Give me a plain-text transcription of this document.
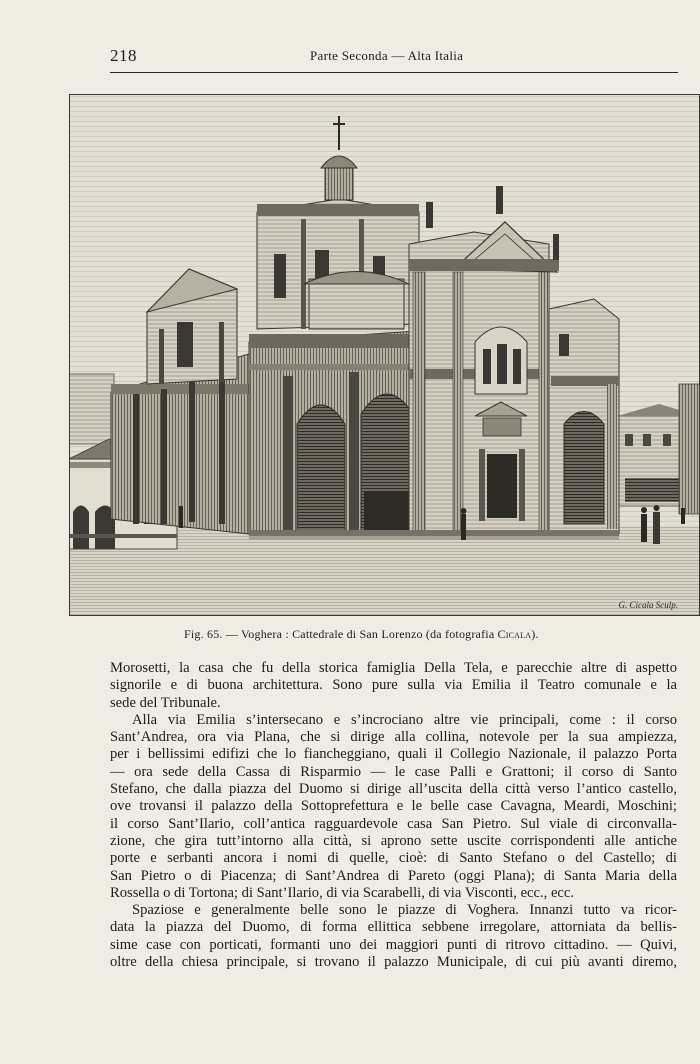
218	Parte Seconda — Alta Italia
G. Cicala Sculp.
Fig. 65. — Voghera : Cattedrale di San Lorenzo (da fotografia Cicala).
Morosetti, la casa che fu della storica famiglia Della Tela, e parecchie altre di aspetto
signorile e di buona architettura. Sono pure sulla via Emilia il Teatro comunale e la
sede del Tribunale.
Alla via Emilia s’intersecano e s’incrociano altre vie principali, come : il corso
Sant’Andrea, ora via Plana, che si dirige alla collina, notevole per la sua ampiezza,
per i bellissimi edifizi che lo fiancheggiano, quali il Collegio Nazionale, il palazzo Porta
— ora sede della Cassa di Risparmio — le case Palli e Grattoni; il corso di Santo
Stefano, che dalla piazza del Duomo si dirige all’uscita della città verso l’antico castello,
ove trovansi il palazzo della Sottoprefettura e le belle case Cavagna, Meardi, Moschini;
il corso Sant’Ilario, coll’antica ragguardevole casa San Pietro. Sul viale di circonvalla-
zione, che gira tutt’intorno alla città, si aprono sette uscite corrispondenti alle antiche
porte e serbanti ancora i nomi di quelle, cioè: di Santo Stefano o del Castello; di
San Pietro o di Piacenza; di Sant’Andrea di Pareto (oggi Plana); di Santa Maria della
Rossella o di Tortona; di Sant’Ilario, di via Scarabelli, di via Visconti, ecc., ecc.
Spaziose e generalmente belle sono le piazze di Voghera. Innanzi tutto va ricor-
data la piazza del Duomo, di forma ellittica sebbene irregolare, attorniata da bellis-
sime case con porticati, formanti uno dei maggiori punti di ritrovo cittadino. — Quivi,
oltre della chiesa principale, si trovano il palazzo Municipale, di cui più avanti diremo,
